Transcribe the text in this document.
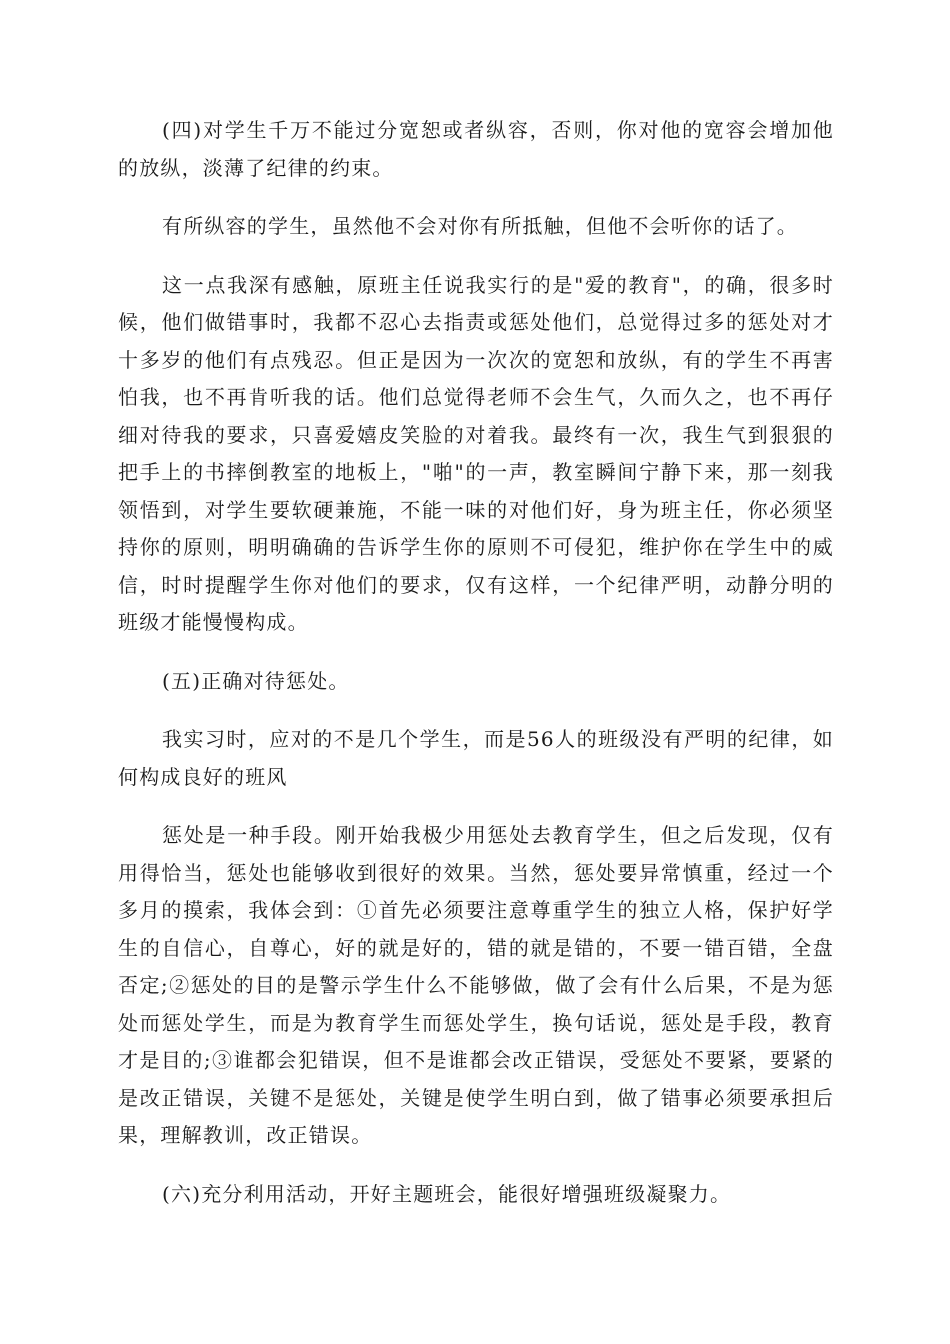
(四)对学生千万不能过分宽恕或者纵容，否则，你对他的宽容会增加他的放纵，淡薄了纪律的约束。

有所纵容的学生，虽然他不会对你有所抵触，但他不会听你的话了。

这一点我深有感触，原班主任说我实行的是"爱的教育"，的确，很多时候，他们做错事时，我都不忍心去指责或惩处他们，总觉得过多的惩处对才十多岁的他们有点残忍。但正是因为一次次的宽恕和放纵，有的学生不再害怕我，也不再肯听我的话。他们总觉得老师不会生气，久而久之，也不再仔细对待我的要求，只喜爱嬉皮笑脸的对着我。最终有一次，我生气到狠狠的把手上的书摔倒教室的地板上，"啪"的一声，教室瞬间宁静下来，那一刻我领悟到，对学生要软硬兼施，不能一味的对他们好，身为班主任，你必须坚持你的原则，明明确确的告诉学生你的原则不可侵犯，维护你在学生中的威信，时时提醒学生你对他们的要求，仅有这样，一个纪律严明，动静分明的班级才能慢慢构成。

(五)正确对待惩处。

我实习时，应对的不是几个学生，而是56人的班级没有严明的纪律，如何构成良好的班风

惩处是一种手段。刚开始我极少用惩处去教育学生，但之后发现，仅有用得恰当，惩处也能够收到很好的效果。当然，惩处要异常慎重，经过一个多月的摸索，我体会到：①首先必须要注意尊重学生的独立人格，保护好学生的自信心，自尊心，好的就是好的，错的就是错的，不要一错百错，全盘否定;②惩处的目的是警示学生什么不能够做，做了会有什么后果，不是为惩处而惩处学生，而是为教育学生而惩处学生，换句话说，惩处是手段，教育才是目的;③谁都会犯错误，但不是谁都会改正错误，受惩处不要紧，要紧的是改正错误，关键不是惩处，关键是使学生明白到，做了错事必须要承担后果，理解教训，改正错误。

(六)充分利用活动，开好主题班会，能很好增强班级凝聚力。
